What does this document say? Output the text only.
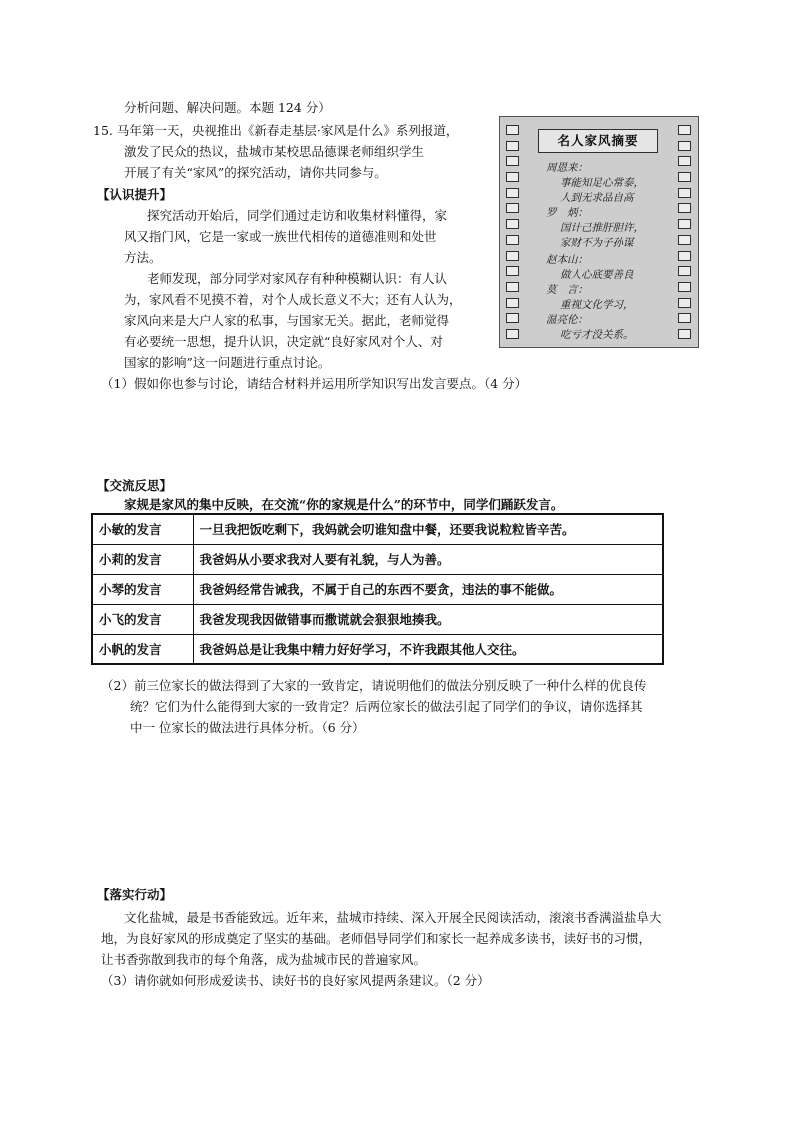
分析问题、解决问题。本题 124 分）
15. 马年第一天，央视推出《新春走基层·家风是什么》系列报道，
激发了民众的热议，盐城市某校思品德课老师组织学生
开展了有关“家风”的探究活动，请你共同参与。
【认识提升】
探究活动开始后，同学们通过走访和收集材料懂得，家
风又指门风，它是一家或一族世代相传的道德准则和处世
方法。
老师发现，部分同学对家风存有种种模糊认识：有人认
为，家风看不见摸不着，对个人成长意义不大；还有人认为，
家风向来是大户人家的私事，与国家无关。据此，老师觉得
有必要统一思想，提升认识，决定就“良好家风对个人、对
国家的影响”这一问题进行重点讨论。
（1）假如你也参与讨论，请结合材料并运用所学知识写出发言要点。（4 分）
名人家风摘要
周恩来：
事能知足心常泰，
人到无求品自高
罗　炳：
国计己推肝胆许，
家财不为子孙谋
赵本山：
做人心底要善良
莫　言：
重视文化学习，
温亮伦：
吃亏才没关系。
【交流反思】
家规是家风的集中反映，在交流“你的家规是什么”的环节中，同学们踊跃发言。
小敏的发言	一旦我把饭吃剩下，我妈就会叨谁知盘中餐，还要我说粒粒皆辛苦。
小莉的发言	我爸妈从小要求我对人要有礼貌，与人为善。
小琴的发言	我爸妈经常告诫我，不属于自己的东西不要贪，违法的事不能做。
小飞的发言	我爸发现我因做错事而撒谎就会狠狠地揍我。
小帆的发言	我爸妈总是让我集中精力好好学习，不许我跟其他人交往。
（2）前三位家长的做法得到了大家的一致肯定，请说明他们的做法分别反映了一种什么样的优良传
统？它们为什么能得到大家的一致肯定？后两位家长的做法引起了同学们的争议，请你选择其
中一 位家长的做法进行具体分析。（6 分）
【落实行动】
文化盐城，最是书香能致远。近年来，盐城市持续、深入开展全民阅读活动，滚滚书香满溢盐阜大
地，为良好家风的形成奠定了坚实的基础。老师倡导同学们和家长一起养成多读书，读好书的习惯，
让书香弥散到我市的每个角落，成为盐城市民的普遍家风。
（3）请你就如何形成爱读书、读好书的良好家风提两条建议。（2 分）
